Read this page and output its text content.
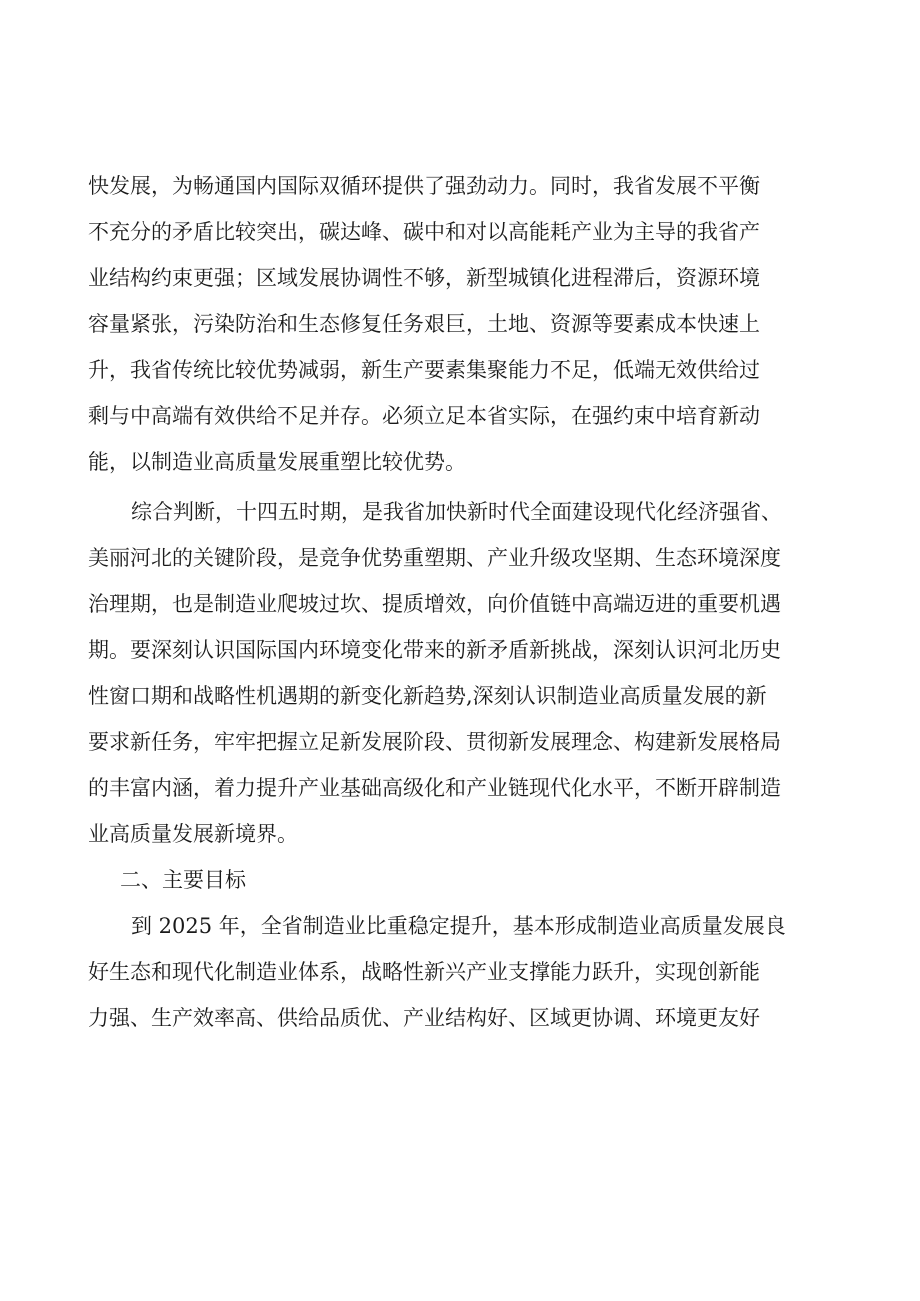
快发展，为畅通国内国际双循环提供了强劲动力。同时，我省发展不平衡
不充分的矛盾比较突出，碳达峰、碳中和对以高能耗产业为主导的我省产
业结构约束更强；区域发展协调性不够，新型城镇化进程滞后，资源环境
容量紧张，污染防治和生态修复任务艰巨，土地、资源等要素成本快速上
升，我省传统比较优势减弱，新生产要素集聚能力不足，低端无效供给过
剩与中高端有效供给不足并存。必须立足本省实际，在强约束中培育新动
能，以制造业高质量发展重塑比较优势。
综合判断，十四五时期，是我省加快新时代全面建设现代化经济强省、
美丽河北的关键阶段，是竞争优势重塑期、产业升级攻坚期、生态环境深度
治理期，也是制造业爬坡过坎、提质增效，向价值链中高端迈进的重要机遇
期。要深刻认识国际国内环境变化带来的新矛盾新挑战，深刻认识河北历史
性窗口期和战略性机遇期的新变化新趋势,深刻认识制造业高质量发展的新
要求新任务，牢牢把握立足新发展阶段、贯彻新发展理念、构建新发展格局
的丰富内涵，着力提升产业基础高级化和产业链现代化水平，不断开辟制造
业高质量发展新境界。
二、主要目标
到 2025 年，全省制造业比重稳定提升，基本形成制造业高质量发展良
好生态和现代化制造业体系，战略性新兴产业支撑能力跃升，实现创新能
力强、生产效率高、供给品质优、产业结构好、区域更协调、环境更友好
